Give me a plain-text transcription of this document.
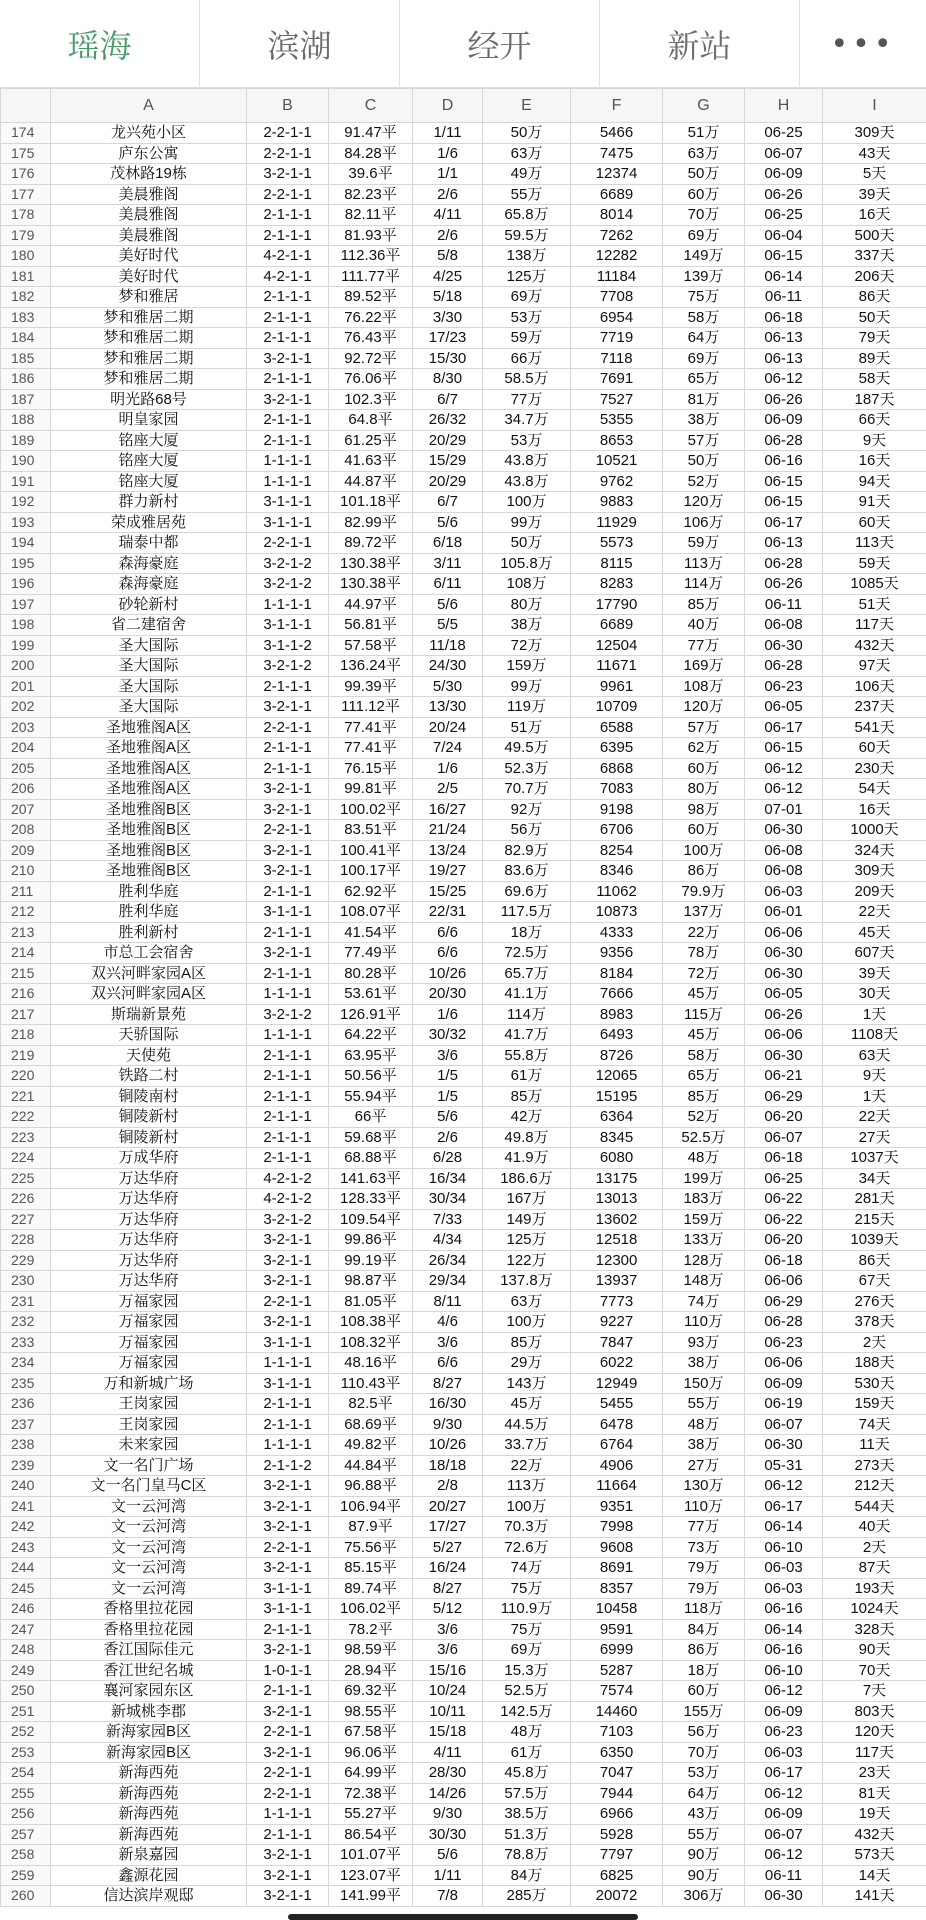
瑶海	滨湖	经开	新站	•••
	A	B	C	D	E	F	G	H	I
174	龙兴苑小区	2-2-1-1	91.47平	1/11	50万	5466	51万	06-25	309天
175	庐东公寓	2-2-1-1	84.28平	1/6	63万	7475	63万	06-07	43天
176	茂林路19栋	3-2-1-1	39.6平	1/1	49万	12374	50万	06-09	5天
177	美晨雅阁	2-2-1-1	82.23平	2/6	55万	6689	60万	06-26	39天
178	美晨雅阁	2-1-1-1	82.11平	4/11	65.8万	8014	70万	06-25	16天
179	美晨雅阁	2-1-1-1	81.93平	2/6	59.5万	7262	69万	06-04	500天
180	美好时代	4-2-1-1	112.36平	5/8	138万	12282	149万	06-15	337天
181	美好时代	4-2-1-1	111.77平	4/25	125万	11184	139万	06-14	206天
182	梦和雅居	2-1-1-1	89.52平	5/18	69万	7708	75万	06-11	86天
183	梦和雅居二期	2-1-1-1	76.22平	3/30	53万	6954	58万	06-18	50天
184	梦和雅居二期	2-1-1-1	76.43平	17/23	59万	7719	64万	06-13	79天
185	梦和雅居二期	3-2-1-1	92.72平	15/30	66万	7118	69万	06-13	89天
186	梦和雅居二期	2-1-1-1	76.06平	8/30	58.5万	7691	65万	06-12	58天
187	明光路68号	3-2-1-1	102.3平	6/7	77万	7527	81万	06-26	187天
188	明皇家园	2-1-1-1	64.8平	26/32	34.7万	5355	38万	06-09	66天
189	铭座大厦	2-1-1-1	61.25平	20/29	53万	8653	57万	06-28	9天
190	铭座大厦	1-1-1-1	41.63平	15/29	43.8万	10521	50万	06-16	16天
191	铭座大厦	1-1-1-1	44.87平	20/29	43.8万	9762	52万	06-15	94天
192	群力新村	3-1-1-1	101.18平	6/7	100万	9883	120万	06-15	91天
193	荣成雅居苑	3-1-1-1	82.99平	5/6	99万	11929	106万	06-17	60天
194	瑞泰中都	2-2-1-1	89.72平	6/18	50万	5573	59万	06-13	113天
195	森海豪庭	3-2-1-2	130.38平	3/11	105.8万	8115	113万	06-28	59天
196	森海豪庭	3-2-1-2	130.38平	6/11	108万	8283	114万	06-26	1085天
197	砂轮新村	1-1-1-1	44.97平	5/6	80万	17790	85万	06-11	51天
198	省二建宿舍	3-1-1-1	56.81平	5/5	38万	6689	40万	06-08	117天
199	圣大国际	3-1-1-2	57.58平	11/18	72万	12504	77万	06-30	432天
200	圣大国际	3-2-1-2	136.24平	24/30	159万	11671	169万	06-28	97天
201	圣大国际	2-1-1-1	99.39平	5/30	99万	9961	108万	06-23	106天
202	圣大国际	3-2-1-1	111.12平	13/30	119万	10709	120万	06-05	237天
203	圣地雅阁A区	2-2-1-1	77.41平	20/24	51万	6588	57万	06-17	541天
204	圣地雅阁A区	2-1-1-1	77.41平	7/24	49.5万	6395	62万	06-15	60天
205	圣地雅阁A区	2-1-1-1	76.15平	1/6	52.3万	6868	60万	06-12	230天
206	圣地雅阁A区	3-2-1-1	99.81平	2/5	70.7万	7083	80万	06-12	54天
207	圣地雅阁B区	3-2-1-1	100.02平	16/27	92万	9198	98万	07-01	16天
208	圣地雅阁B区	2-2-1-1	83.51平	21/24	56万	6706	60万	06-30	1000天
209	圣地雅阁B区	3-2-1-1	100.41平	13/24	82.9万	8254	100万	06-08	324天
210	圣地雅阁B区	3-2-1-1	100.17平	19/27	83.6万	8346	86万	06-08	309天
211	胜利华庭	2-1-1-1	62.92平	15/25	69.6万	11062	79.9万	06-03	209天
212	胜利华庭	3-1-1-1	108.07平	22/31	117.5万	10873	137万	06-01	22天
213	胜利新村	2-1-1-1	41.54平	6/6	18万	4333	22万	06-06	45天
214	市总工会宿舍	3-2-1-1	77.49平	6/6	72.5万	9356	78万	06-30	607天
215	双兴河畔家园A区	2-1-1-1	80.28平	10/26	65.7万	8184	72万	06-30	39天
216	双兴河畔家园A区	1-1-1-1	53.61平	20/30	41.1万	7666	45万	06-05	30天
217	斯瑞新景苑	3-2-1-2	126.91平	1/6	114万	8983	115万	06-26	1天
218	天骄国际	1-1-1-1	64.22平	30/32	41.7万	6493	45万	06-06	1108天
219	天使苑	2-1-1-1	63.95平	3/6	55.8万	8726	58万	06-30	63天
220	铁路二村	2-1-1-1	50.56平	1/5	61万	12065	65万	06-21	9天
221	铜陵南村	2-1-1-1	55.94平	1/5	85万	15195	85万	06-29	1天
222	铜陵新村	2-1-1-1	66平	5/6	42万	6364	52万	06-20	22天
223	铜陵新村	2-1-1-1	59.68平	2/6	49.8万	8345	52.5万	06-07	27天
224	万成华府	2-1-1-1	68.88平	6/28	41.9万	6080	48万	06-18	1037天
225	万达华府	4-2-1-2	141.63平	16/34	186.6万	13175	199万	06-25	34天
226	万达华府	4-2-1-2	128.33平	30/34	167万	13013	183万	06-22	281天
227	万达华府	3-2-1-2	109.54平	7/33	149万	13602	159万	06-22	215天
228	万达华府	3-2-1-1	99.86平	4/34	125万	12518	133万	06-20	1039天
229	万达华府	3-2-1-1	99.19平	26/34	122万	12300	128万	06-18	86天
230	万达华府	3-2-1-1	98.87平	29/34	137.8万	13937	148万	06-06	67天
231	万福家园	2-2-1-1	81.05平	8/11	63万	7773	74万	06-29	276天
232	万福家园	3-2-1-1	108.38平	4/6	100万	9227	110万	06-28	378天
233	万福家园	3-1-1-1	108.32平	3/6	85万	7847	93万	06-23	2天
234	万福家园	1-1-1-1	48.16平	6/6	29万	6022	38万	06-06	188天
235	万和新城广场	3-1-1-1	110.43平	8/27	143万	12949	150万	06-09	530天
236	王岗家园	2-1-1-1	82.5平	16/30	45万	5455	55万	06-19	159天
237	王岗家园	2-1-1-1	68.69平	9/30	44.5万	6478	48万	06-07	74天
238	未来家园	1-1-1-1	49.82平	10/26	33.7万	6764	38万	06-30	11天
239	文一名门广场	2-1-1-2	44.84平	18/18	22万	4906	27万	05-31	273天
240	文一名门皇马C区	3-2-1-1	96.88平	2/8	113万	11664	130万	06-12	212天
241	文一云河湾	3-2-1-1	106.94平	20/27	100万	9351	110万	06-17	544天
242	文一云河湾	3-2-1-1	87.9平	17/27	70.3万	7998	77万	06-14	40天
243	文一云河湾	2-2-1-1	75.56平	5/27	72.6万	9608	73万	06-10	2天
244	文一云河湾	3-2-1-1	85.15平	16/24	74万	8691	79万	06-03	87天
245	文一云河湾	3-1-1-1	89.74平	8/27	75万	8357	79万	06-03	193天
246	香格里拉花园	3-1-1-1	106.02平	5/12	110.9万	10458	118万	06-16	1024天
247	香格里拉花园	2-1-1-1	78.2平	3/6	75万	9591	84万	06-14	328天
248	香江国际佳元	3-2-1-1	98.59平	3/6	69万	6999	86万	06-16	90天
249	香江世纪名城	1-0-1-1	28.94平	15/16	15.3万	5287	18万	06-10	70天
250	襄河家园东区	2-1-1-1	69.32平	10/24	52.5万	7574	60万	06-12	7天
251	新城桃李郡	3-2-1-1	98.55平	10/11	142.5万	14460	155万	06-09	803天
252	新海家园B区	2-2-1-1	67.58平	15/18	48万	7103	56万	06-23	120天
253	新海家园B区	3-2-1-1	96.06平	4/11	61万	6350	70万	06-03	117天
254	新海西苑	2-2-1-1	64.99平	28/30	45.8万	7047	53万	06-17	23天
255	新海西苑	2-2-1-1	72.38平	14/26	57.5万	7944	64万	06-12	81天
256	新海西苑	1-1-1-1	55.27平	9/30	38.5万	6966	43万	06-09	19天
257	新海西苑	2-1-1-1	86.54平	30/30	51.3万	5928	55万	06-07	432天
258	新泉嘉园	3-2-1-1	101.07平	5/6	78.8万	7797	90万	06-12	573天
259	鑫源花园	3-2-1-1	123.07平	1/11	84万	6825	90万	06-11	14天
260	信达滨岸观邸	3-2-1-1	141.99平	7/8	285万	20072	306万	06-30	141天
